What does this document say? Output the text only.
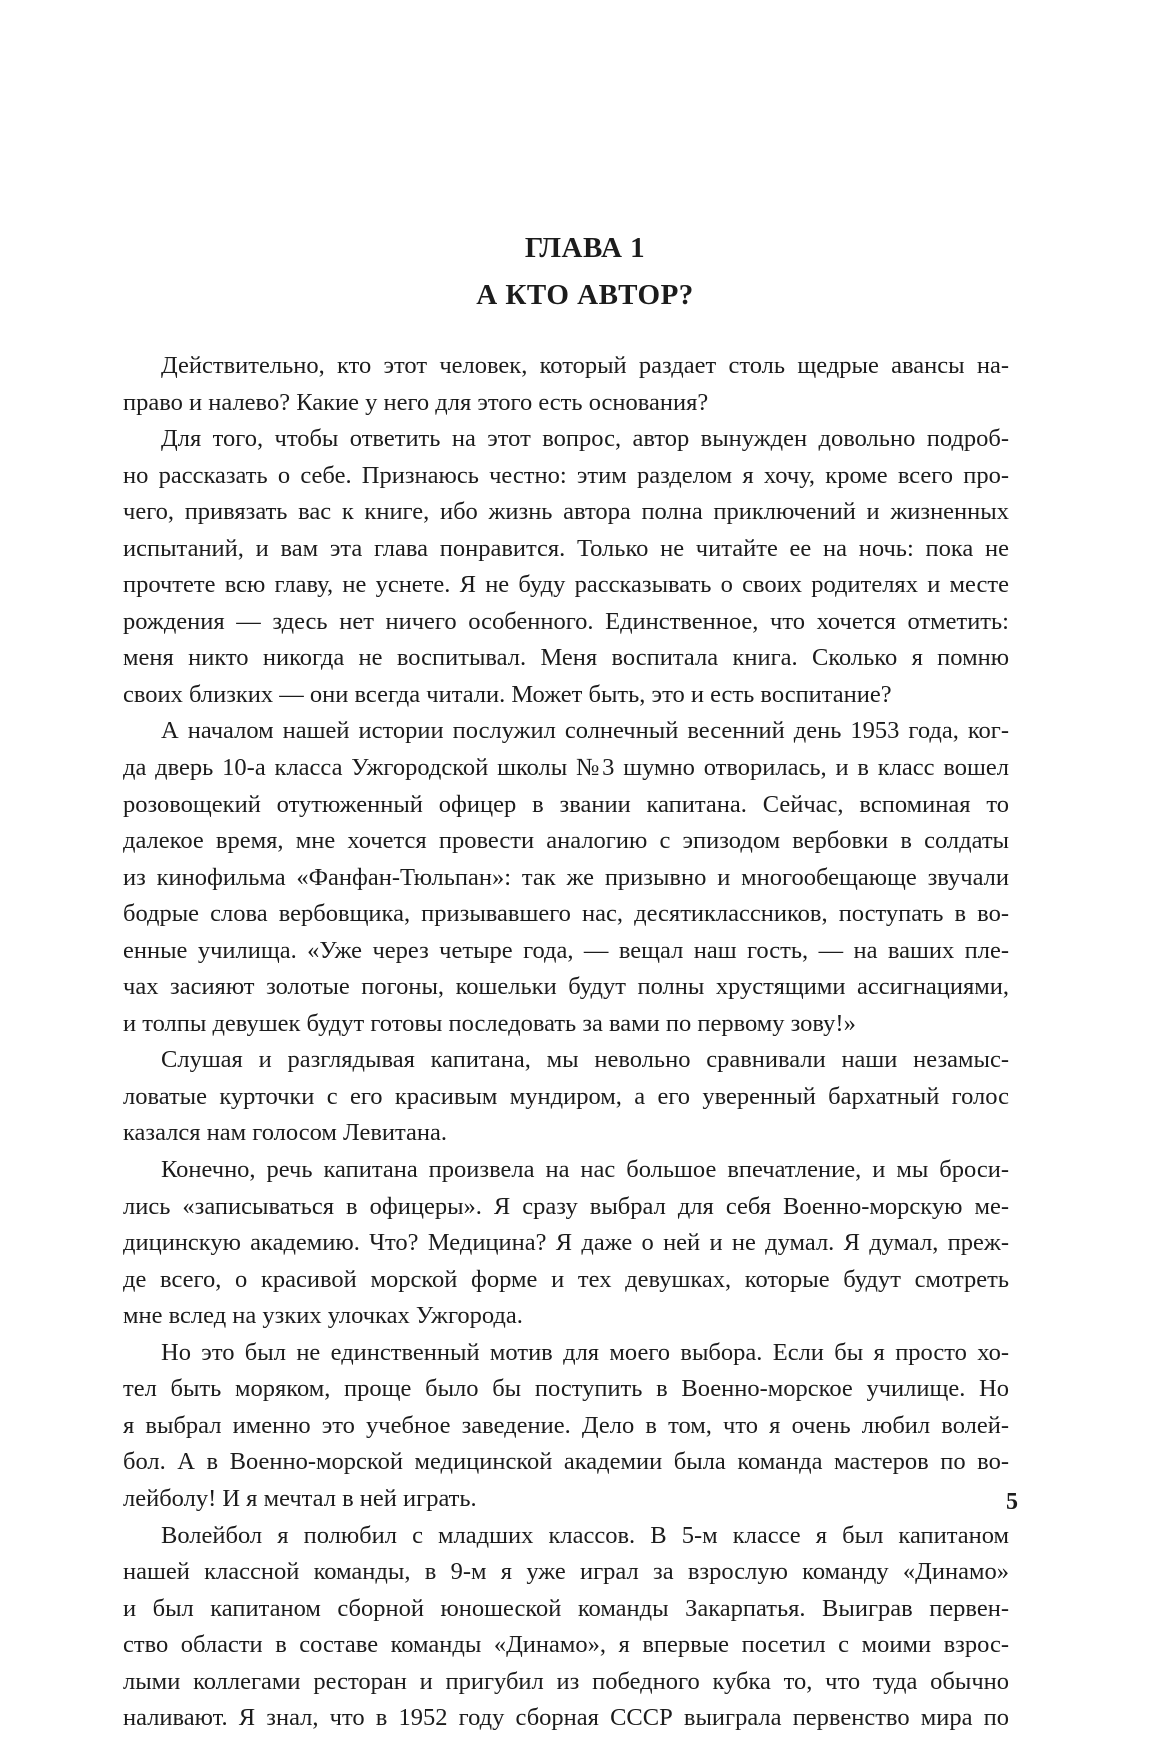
ГЛАВА 1
А КТО АВТОР?
Действительно, кто этот человек, который раздает столь щедрые авансы на-
право и налево? Какие у него для этого есть основания?
Для того, чтобы ответить на этот вопрос, автор вынужден довольно подроб-
но рассказать о себе. Признаюсь честно: этим разделом я хочу, кроме всего про-
чего, привязать вас к книге, ибо жизнь автора полна приключений и жизненных
испытаний, и вам эта глава понравится. Только не читайте ее на ночь: пока не
прочтете всю главу, не уснете. Я не буду рассказывать о своих родителях и месте
рождения — здесь нет ничего особенного. Единственное, что хочется отметить:
меня никто никогда не воспитывал. Меня воспитала книга. Сколько я помню
своих близких — они всегда читали. Может быть, это и есть воспитание?
А началом нашей истории послужил солнечный весенний день 1953 года, ког-
да дверь 10-а класса Ужгородской школы №3 шумно отворилась, и в класс вошел
розовощекий отутюженный офицер в звании капитана. Сейчас, вспоминая то
далекое время, мне хочется провести аналогию с эпизодом вербовки в солдаты
из кинофильма «Фанфан-Тюльпан»: так же призывно и многообещающе звучали
бодрые слова вербовщика, призывавшего нас, десятиклассников, поступать в во-
енные училища. «Уже через четыре года, — вещал наш гость, — на ваших пле-
чах засияют золотые погоны, кошельки будут полны хрустящими ассигнациями,
и толпы девушек будут готовы последовать за вами по первому зову!»
Слушая и разглядывая капитана, мы невольно сравнивали наши незамыс-
ловатые курточки с его красивым мундиром, а его уверенный бархатный голос
казался нам голосом Левитана.
Конечно, речь капитана произвела на нас большое впечатление, и мы броси-
лись «записываться в офицеры». Я сразу выбрал для себя Военно-морскую ме-
дицинскую академию. Что? Медицина? Я даже о ней и не думал. Я думал, преж-
де всего, о красивой морской форме и тех девушках, которые будут смотреть
мне вслед на узких улочках Ужгорода.
Но это был не единственный мотив для моего выбора. Если бы я просто хо-
тел быть моряком, проще было бы поступить в Военно-морское училище. Но
я выбрал именно это учебное заведение. Дело в том, что я очень любил волей-
бол. А в Военно-морской медицинской академии была команда мастеров по во-
лейболу! И я мечтал в ней играть.
Волейбол я полюбил с младших классов. В 5-м классе я был капитаном
нашей классной команды, в 9-м я уже играл за взрослую команду «Динамо»
и был капитаном сборной юношеской команды Закарпатья. Выиграв первен-
ство области в составе команды «Динамо», я впервые посетил с моими взрос-
лыми коллегами ресторан и пригубил из победного кубка то, что туда обычно
наливают. Я знал, что в 1952 году сборная СССР выиграла первенство мира по
5
